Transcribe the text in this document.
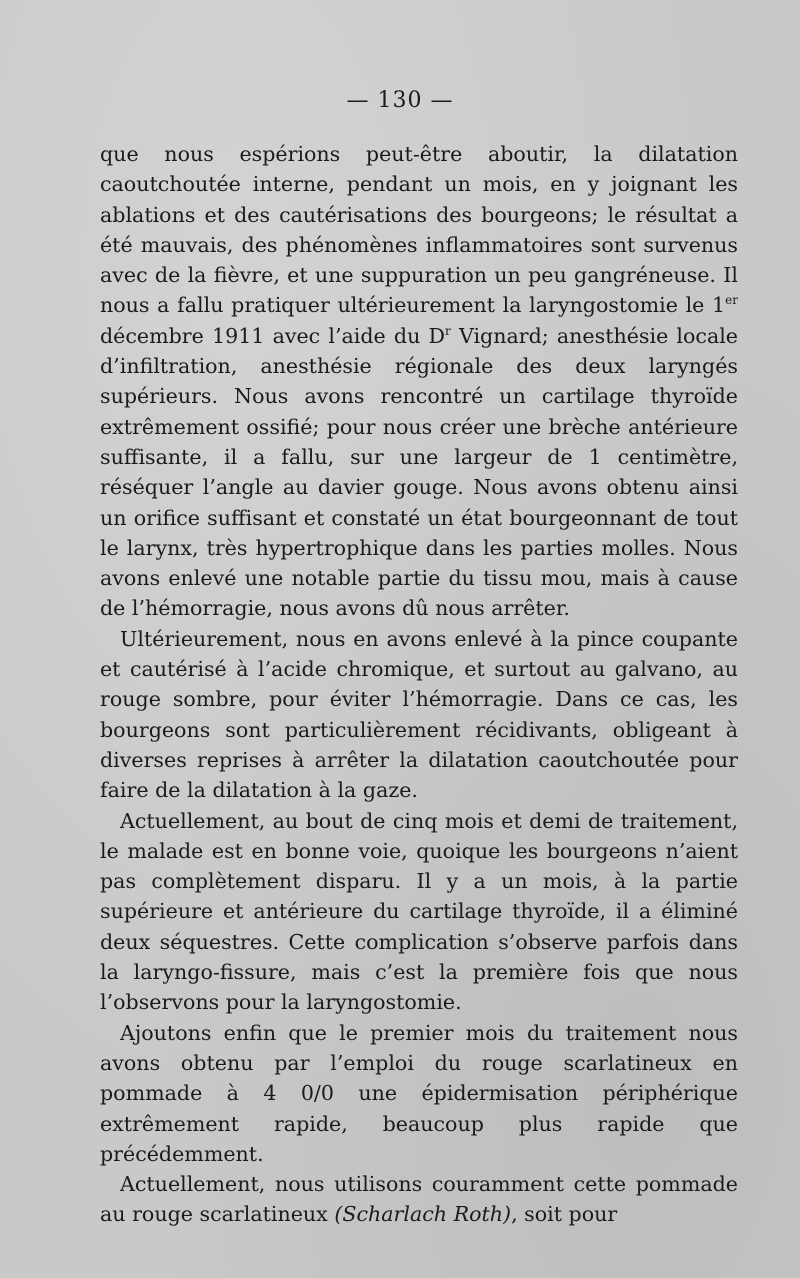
— 130 —

que nous espérions peut-être aboutir, la dilatation caoutchoutée interne, pendant un mois, en y joignant les ablations et des cautérisations des bourgeons; le résultat a été mauvais, des phénomènes inflammatoires sont survenus avec de la fièvre, et une suppuration un peu gangréneuse. Il nous a fallu pratiquer ultérieurement la laryngostomie le 1er décembre 1911 avec l’aide du $D^r$ Vignard; anesthésie locale d’infiltration, anesthésie régionale des deux laryngés supérieurs. Nous avons rencontré un cartilage thyroïde extrêmement ossifié; pour nous créer une brèche antérieure suffisante, il a fallu, sur une largeur de 1 centimètre, réséquer l’angle au davier gouge. Nous avons obtenu ainsi un orifice suffisant et constaté un état bourgeonnant de tout le larynx, très hypertrophique dans les parties molles. Nous avons enlevé une notable partie du tissu mou, mais à cause de l’hémorragie, nous avons dû nous arrêter.

Ultérieurement, nous en avons enlevé à la pince coupante et cautérisé à l’acide chromique, et surtout au galvano, au rouge sombre, pour éviter l’hémorragie. Dans ce cas, les bourgeons sont particulièrement récidivants, obligeant à diverses reprises à arrêter la dilatation caoutchoutée pour faire de la dilatation à la gaze.

Actuellement, au bout de cinq mois et demi de traitement, le malade est en bonne voie, quoique les bourgeons n’aient pas complètement disparu. Il y a un mois, à la partie supérieure et antérieure du cartilage thyroïde, il a éliminé deux séquestres. Cette complication s’observe parfois dans la laryngo-fissure, mais c’est la première fois que nous l’observons pour la laryngostomie.

Ajoutons enfin que le premier mois du traitement nous avons obtenu par l’emploi du rouge scarlatineux en pommade à 4 0/0 une épidermisation périphérique extrêmement rapide, beaucoup plus rapide que précédemment.

Actuellement, nous utilisons couramment cette pommade au rouge scarlatineux (Scharlach Roth), soit pour
